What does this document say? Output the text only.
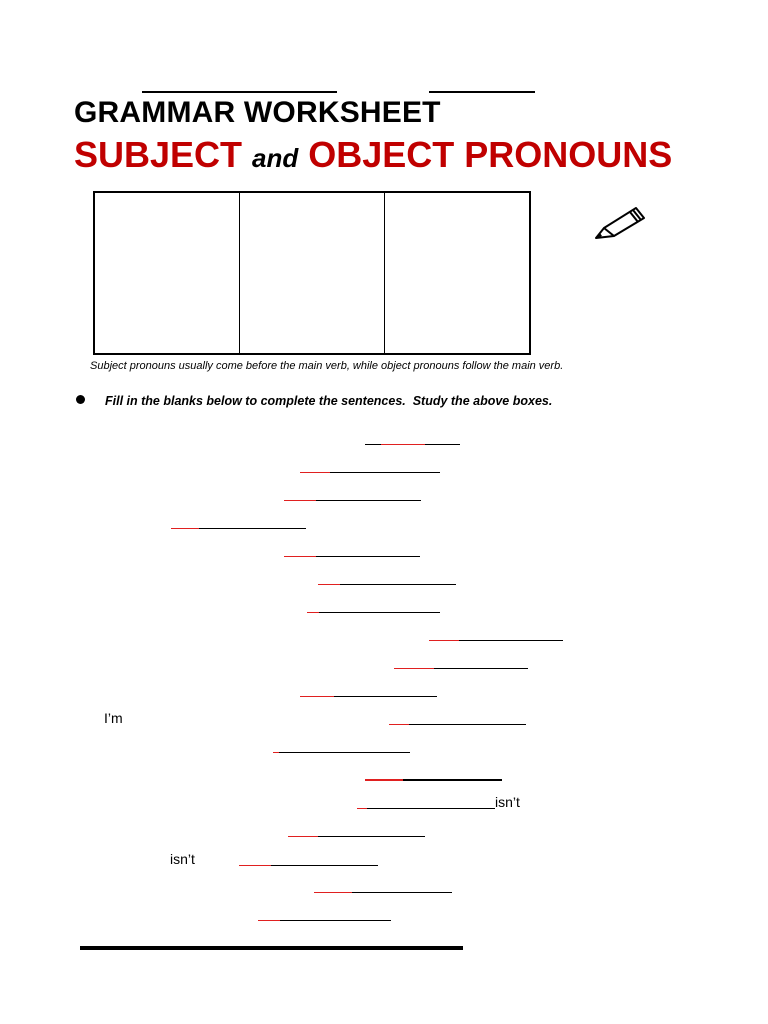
GRAMMAR WORKSHEET
SUBJECT and OBJECT PRONOUNS
Subject pronouns usually come before the main verb, while object pronouns follow the main verb.
Fill in the blanks below to complete the sentences.  Study the above boxes.
I’m
isn’t
isn’t
